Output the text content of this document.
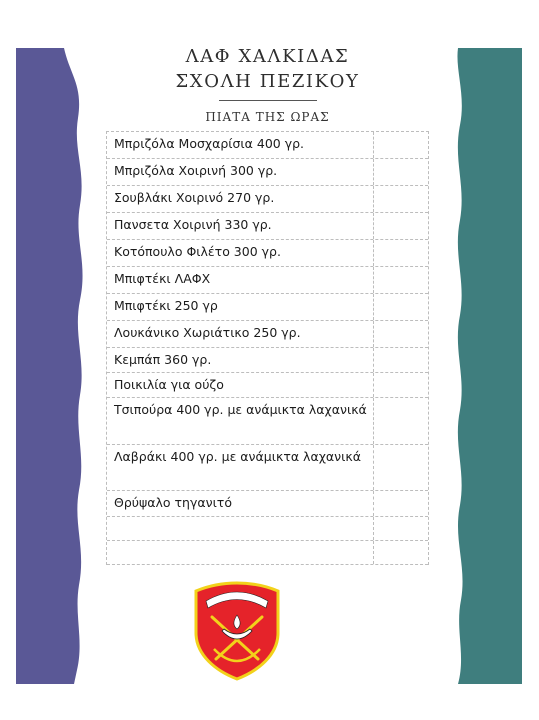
ΛΑΦ ΧΑΛΚΙΔΑΣ
ΣΧΟΛΗ ΠΕΖΙΚΟΥ
ΠΙΑΤΑ ΤΗΣ ΩΡΑΣ
Μπριζόλα Μοσχαρίσια 400 γρ.
Μπριζόλα Χοιρινή 300 γρ.
Σουβλάκι Χοιρινό 270 γρ.
Πανσετα Χοιρινή 330 γρ.
Κοτόπουλο Φιλέτο 300 γρ.
Μπιφτέκι ΛΑΦΧ
Μπιφτέκι 250 γρ
Λουκάνικο Χωριάτικο 250 γρ.
Κεμπάπ 360 γρ.
Ποικιλία για ούζο
Τσιπούρα 400 γρ. με ανάμικτα λαχανικά
Λαβράκι 400 γρ. με ανάμικτα λαχανικά
Θρύψαλο τηγανιτό
